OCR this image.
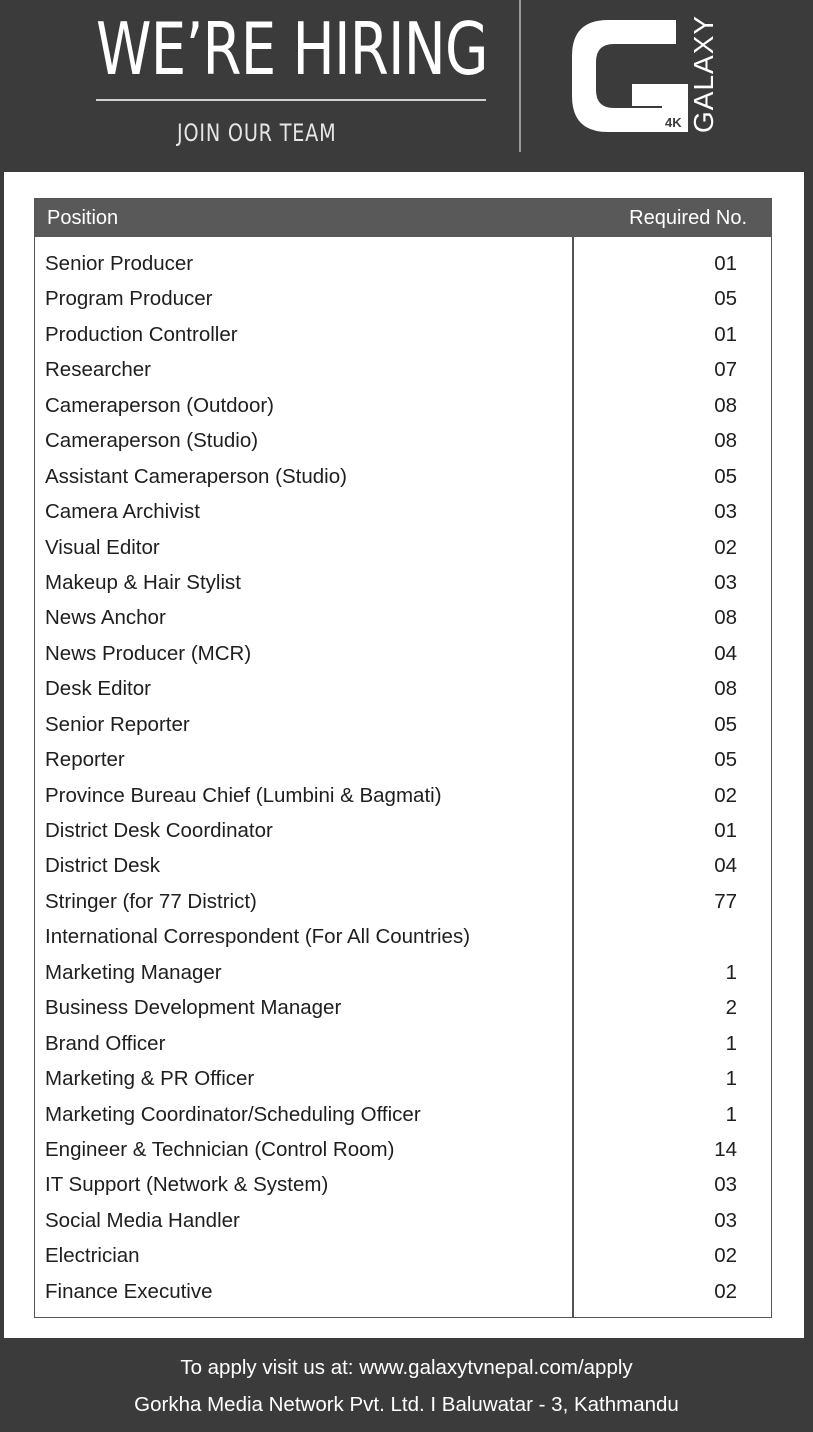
WE’RE HIRING
JOIN OUR TEAM	4K GALAXY
Position	Required No.
Senior Producer	01
Program Producer	05
Production Controller	01
Researcher	07
Cameraperson (Outdoor)	08
Cameraperson (Studio)	08
Assistant Cameraperson (Studio)	05
Camera Archivist	03
Visual Editor	02
Makeup & Hair Stylist	03
News Anchor	08
News Producer (MCR)	04
Desk Editor	08
Senior Reporter	05
Reporter	05
Province Bureau Chief (Lumbini & Bagmati)	02
District Desk Coordinator	01
District Desk	04
Stringer (for 77 District)	77
International Correspondent (For All Countries)
Marketing Manager	1
Business Development Manager	2
Brand Officer	1
Marketing & PR Officer	1
Marketing Coordinator/Scheduling Officer	1
Engineer & Technician (Control Room)	14
IT Support (Network & System)	03
Social Media Handler	03
Electrician	02
Finance Executive	02
To apply visit us at: www.galaxytvnepal.com/apply
Gorkha Media Network Pvt. Ltd. I Baluwatar - 3, Kathmandu
